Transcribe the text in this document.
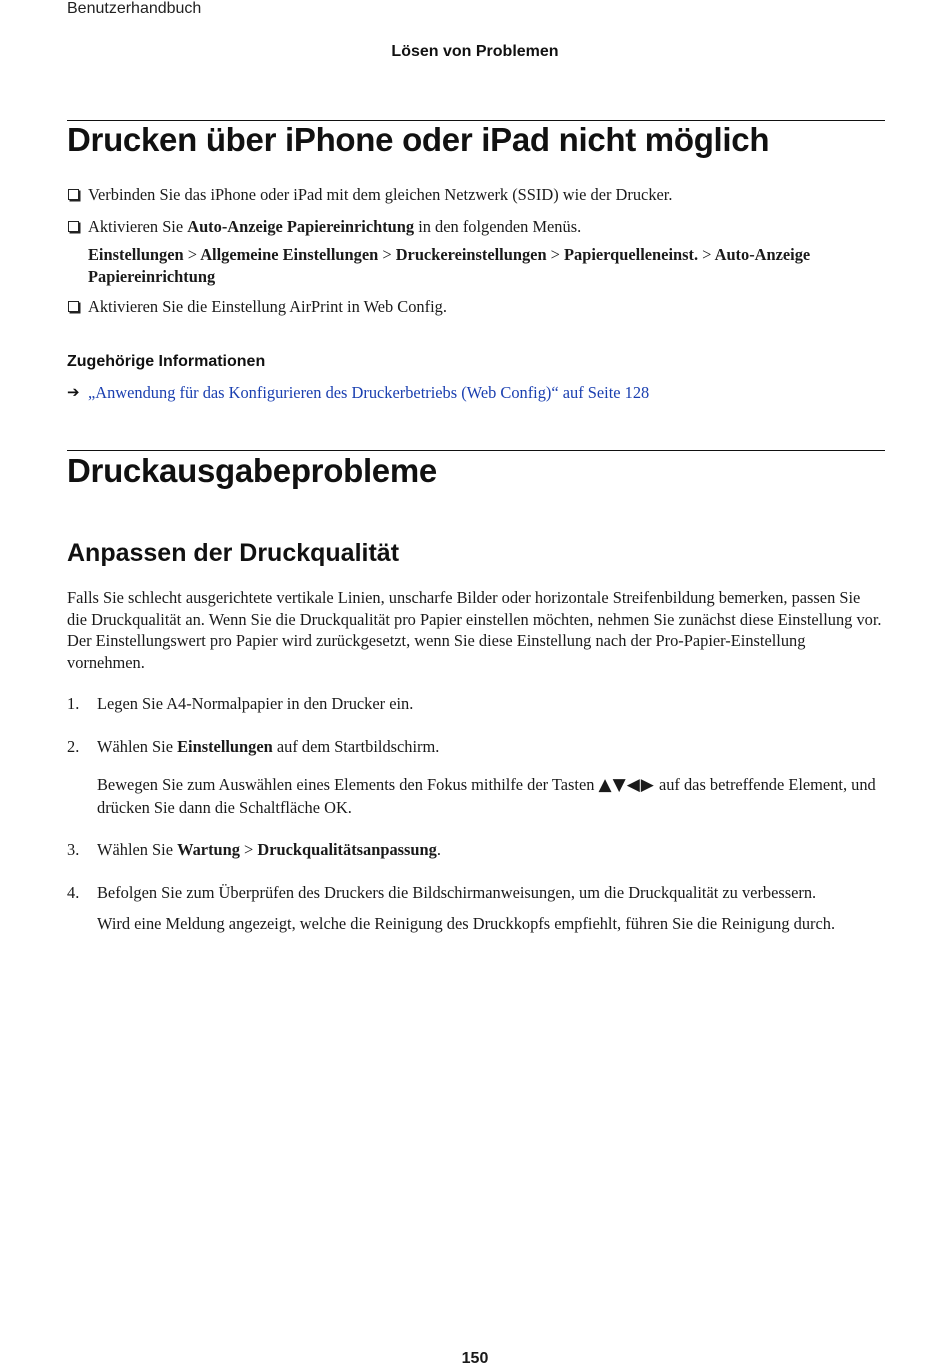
Benutzerhandbuch
Lösen von Problemen
Drucken über iPhone oder iPad nicht möglich
Verbinden Sie das iPhone oder iPad mit dem gleichen Netzwerk (SSID) wie der Drucker.
Aktivieren Sie Auto-Anzeige Papiereinrichtung in den folgenden Menüs.
Einstellungen > Allgemeine Einstellungen > Druckereinstellungen > Papierquelleneinst. > Auto-Anzeige Papiereinrichtung
Aktivieren Sie die Einstellung AirPrint in Web Config.
Zugehörige Informationen
➔ „Anwendung für das Konfigurieren des Druckerbetriebs (Web Config)“ auf Seite 128
Druckausgabeprobleme
Anpassen der Druckqualität
Falls Sie schlecht ausgerichtete vertikale Linien, unscharfe Bilder oder horizontale Streifenbildung bemerken, passen Sie die Druckqualität an. Wenn Sie die Druckqualität pro Papier einstellen möchten, nehmen Sie zunächst diese Einstellung vor. Der Einstellungswert pro Papier wird zurückgesetzt, wenn Sie diese Einstellung nach der Pro-Papier-Einstellung vornehmen.
1. Legen Sie A4-Normalpapier in den Drucker ein.
2. Wählen Sie Einstellungen auf dem Startbildschirm.
Bewegen Sie zum Auswählen eines Elements den Fokus mithilfe der Tasten ▲▼◀▶ auf das betreffende Element, und drücken Sie dann die Schaltfläche OK.
3. Wählen Sie Wartung > Druckqualitätsanpassung.
4. Befolgen Sie zum Überprüfen des Druckers die Bildschirmanweisungen, um die Druckqualität zu verbessern.
Wird eine Meldung angezeigt, welche die Reinigung des Druckkopfs empfiehlt, führen Sie die Reinigung durch.
150
